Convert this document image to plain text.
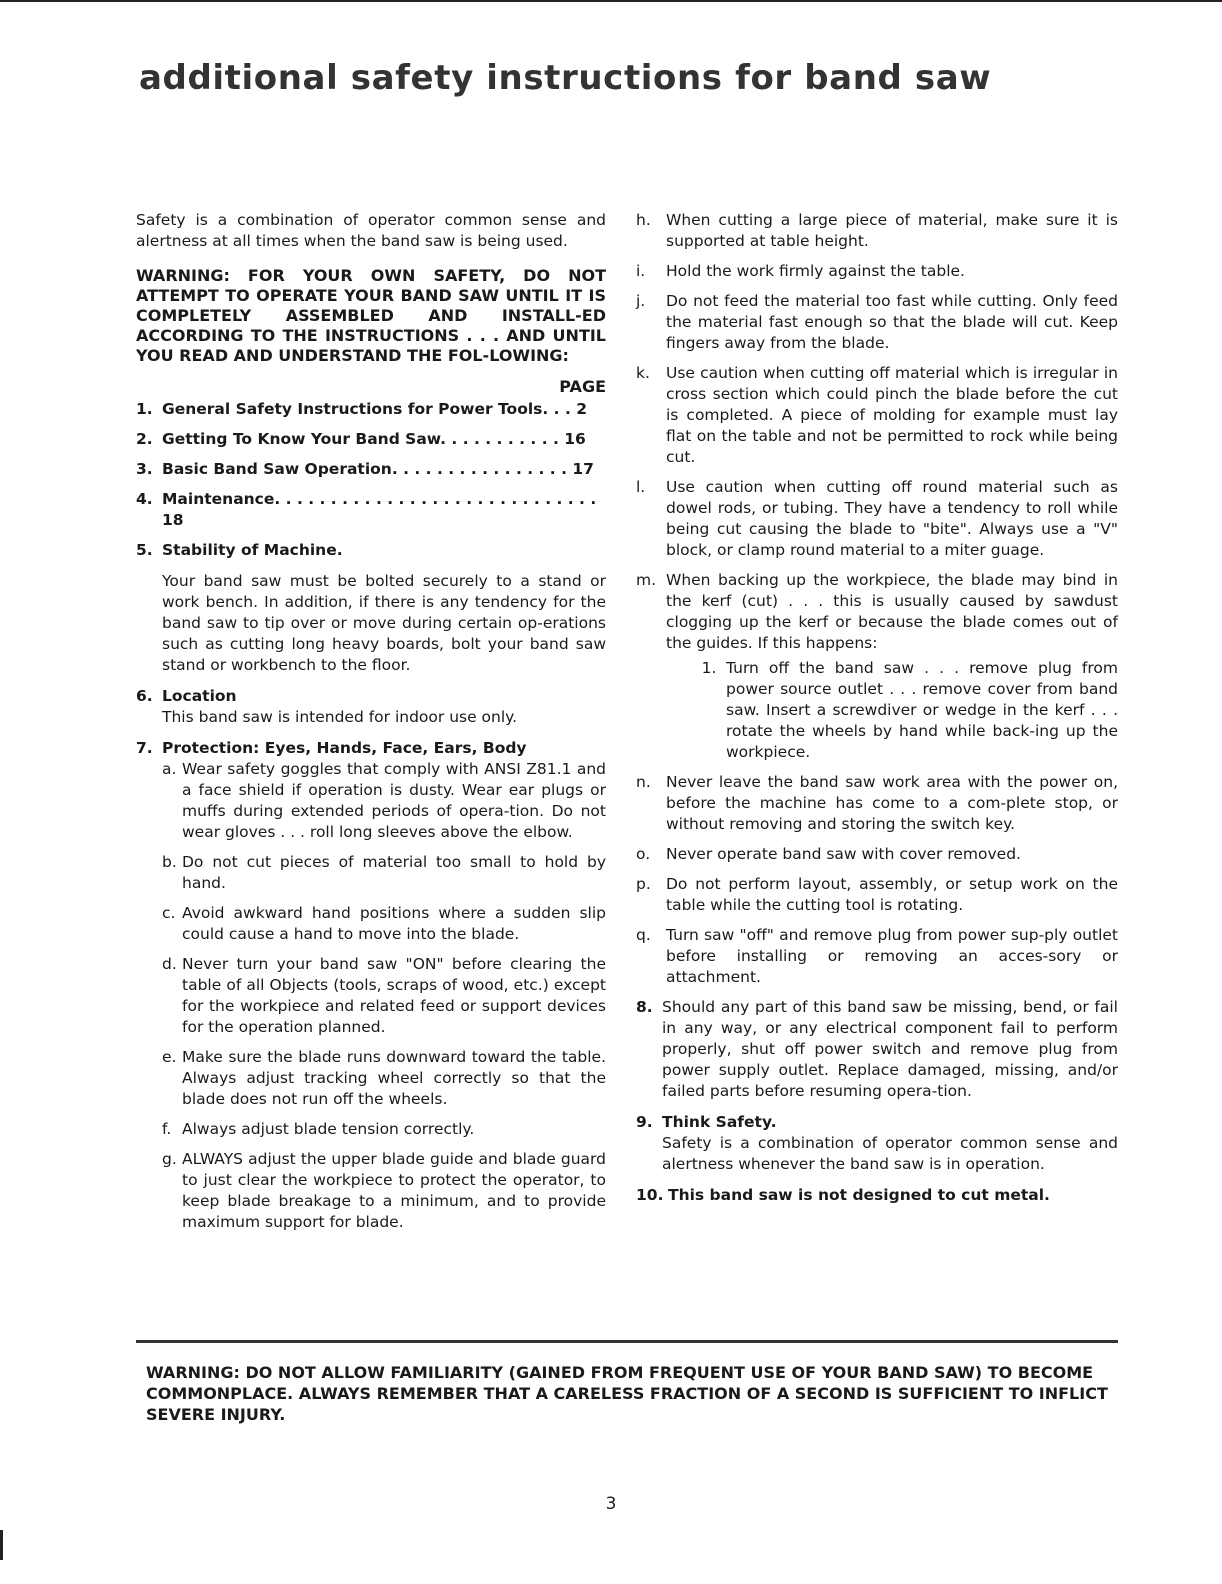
additional safety instructions for band saw

Safety is a combination of operator common sense and alertness at all times when the band saw is being used.

WARNING: FOR YOUR OWN SAFETY, DO NOT ATTEMPT TO OPERATE YOUR BAND SAW UNTIL IT IS COMPLETELY ASSEMBLED AND INSTALL-ED ACCORDING TO THE INSTRUCTIONS . . . AND UNTIL YOU READ AND UNDERSTAND THE FOL-LOWING:

PAGE
1. General Safety Instructions for Power Tools. . . 2
2. Getting To Know Your Band Saw. . . . . . . . . . . 16
3. Basic Band Saw Operation. . . . . . . . . . . . . . . . 17
4. Maintenance. . . . . . . . . . . . . . . . . . . . . . . . . . . . . 18
5. Stability of Machine.

Your band saw must be bolted securely to a stand or work bench. In addition, if there is any tendency for the band saw to tip over or move during certain op-erations such as cutting long heavy boards, bolt your band saw stand or workbench to the floor.

6. Location

This band saw is intended for indoor use only.

7. Protection: Eyes, Hands, Face, Ears, Body
a. Wear safety goggles that comply with ANSI Z81.1 and a face shield if operation is dusty. Wear ear plugs or muffs during extended periods of opera-tion. Do not wear gloves . . . roll long sleeves above the elbow.
b. Do not cut pieces of material too small to hold by hand.
c. Avoid awkward hand positions where a sudden slip could cause a hand to move into the blade.
d. Never turn your band saw "ON" before clearing the table of all Objects (tools, scraps of wood, etc.) except for the workpiece and related feed or support devices for the operation planned.
e. Make sure the blade runs downward toward the table. Always adjust tracking wheel correctly so that the blade does not run off the wheels.
f. Always adjust blade tension correctly.
g. ALWAYS adjust the upper blade guide and blade guard to just clear the workpiece to protect the operator, to keep blade breakage to a minimum, and to provide maximum support for blade.
h. When cutting a large piece of material, make sure it is supported at table height.
i.	Hold the work firmly against the table.
j.	Do not feed the material too fast while cutting. Only feed the material fast enough so that the blade will cut. Keep fingers away from the blade.
k.	Use caution when cutting off material which is irregular in cross section which could pinch the blade before the cut is completed. A piece of molding for example must lay flat on the table and not be permitted to rock while being cut.
l.	Use caution when cutting off round material such as dowel rods, or tubing. They have a tendency to roll while being cut causing the blade to "bite". Always use a "V" block, or clamp round material to a miter guage.
m. When backing up the workpiece, the blade may bind in the kerf (cut) . . . this is usually caused by sawdust clogging up the kerf or because the blade comes out of the guides. If this happens:
1. Turn off the band saw . . . remove plug from power source outlet . . . remove cover from band saw. Insert a screwdiver or wedge in the kerf . . . rotate the wheels by hand while back-ing up the workpiece.
n. Never leave the band saw work area with the power on, before the machine has come to a com-plete stop, or without removing and storing the switch key.
o.	Never operate band saw with cover removed.
p. Do not perform layout, assembly, or setup work on the table while the cutting tool is rotating.
q. Turn saw "off" and remove plug from power sup-ply outlet before installing or removing an acces-sory or attachment.
8. Should any part of this band saw be missing, bend, or fail in any way, or any electrical component fail to perform properly, shut off power switch and remove plug from power supply outlet. Replace damaged, missing, and/or failed parts before resuming opera-tion.

9. Think Safety.

Safety is a combination of operator common sense and alertness whenever the band saw is in operation.

10. This band saw is not designed to cut metal.

WARNING: DO NOT ALLOW FAMILIARITY (GAINED FROM FREQUENT USE OF YOUR BAND SAW) TO BECOME COMMONPLACE. ALWAYS REMEMBER THAT A CARELESS FRACTION OF A SECOND IS SUFFICIENT TO INFLICT SEVERE INJURY.

3
